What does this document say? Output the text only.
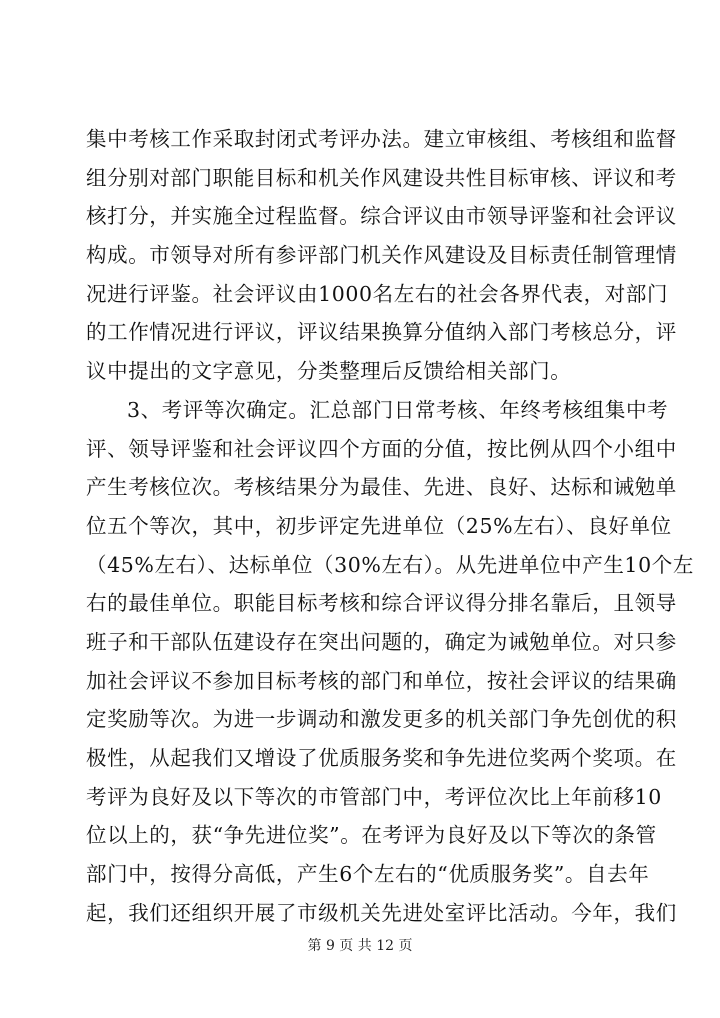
集中考核工作采取封闭式考评办法。建立审核组、考核组和监督
组分别对部门职能目标和机关作风建设共性目标审核、评议和考
核打分，并实施全过程监督。综合评议由市领导评鉴和社会评议
构成。市领导对所有参评部门机关作风建设及目标责任制管理情
况进行评鉴。社会评议由1000名左右的社会各界代表，对部门
的工作情况进行评议，评议结果换算分值纳入部门考核总分，评
议中提出的文字意见，分类整理后反馈给相关部门。
3、考评等次确定。汇总部门日常考核、年终考核组集中考
评、领导评鉴和社会评议四个方面的分值，按比例从四个小组中
产生考核位次。考核结果分为最佳、先进、良好、达标和诫勉单
位五个等次，其中，初步评定先进单位（25%左右）、良好单位
（45%左右）、达标单位（30%左右）。从先进单位中产生10个左
右的最佳单位。职能目标考核和综合评议得分排名靠后，且领导
班子和干部队伍建设存在突出问题的，确定为诫勉单位。对只参
加社会评议不参加目标考核的部门和单位，按社会评议的结果确
定奖励等次。为进一步调动和激发更多的机关部门争先创优的积
极性，从起我们又增设了优质服务奖和争先进位奖两个奖项。在
考评为良好及以下等次的市管部门中，考评位次比上年前移10
位以上的，获“争先进位奖”。在考评为良好及以下等次的条管
部门中，按得分高低，产生6个左右的“优质服务奖”。自去年
起，我们还组织开展了市级机关先进处室评比活动。今年，我们
第 9 页 共 12 页
